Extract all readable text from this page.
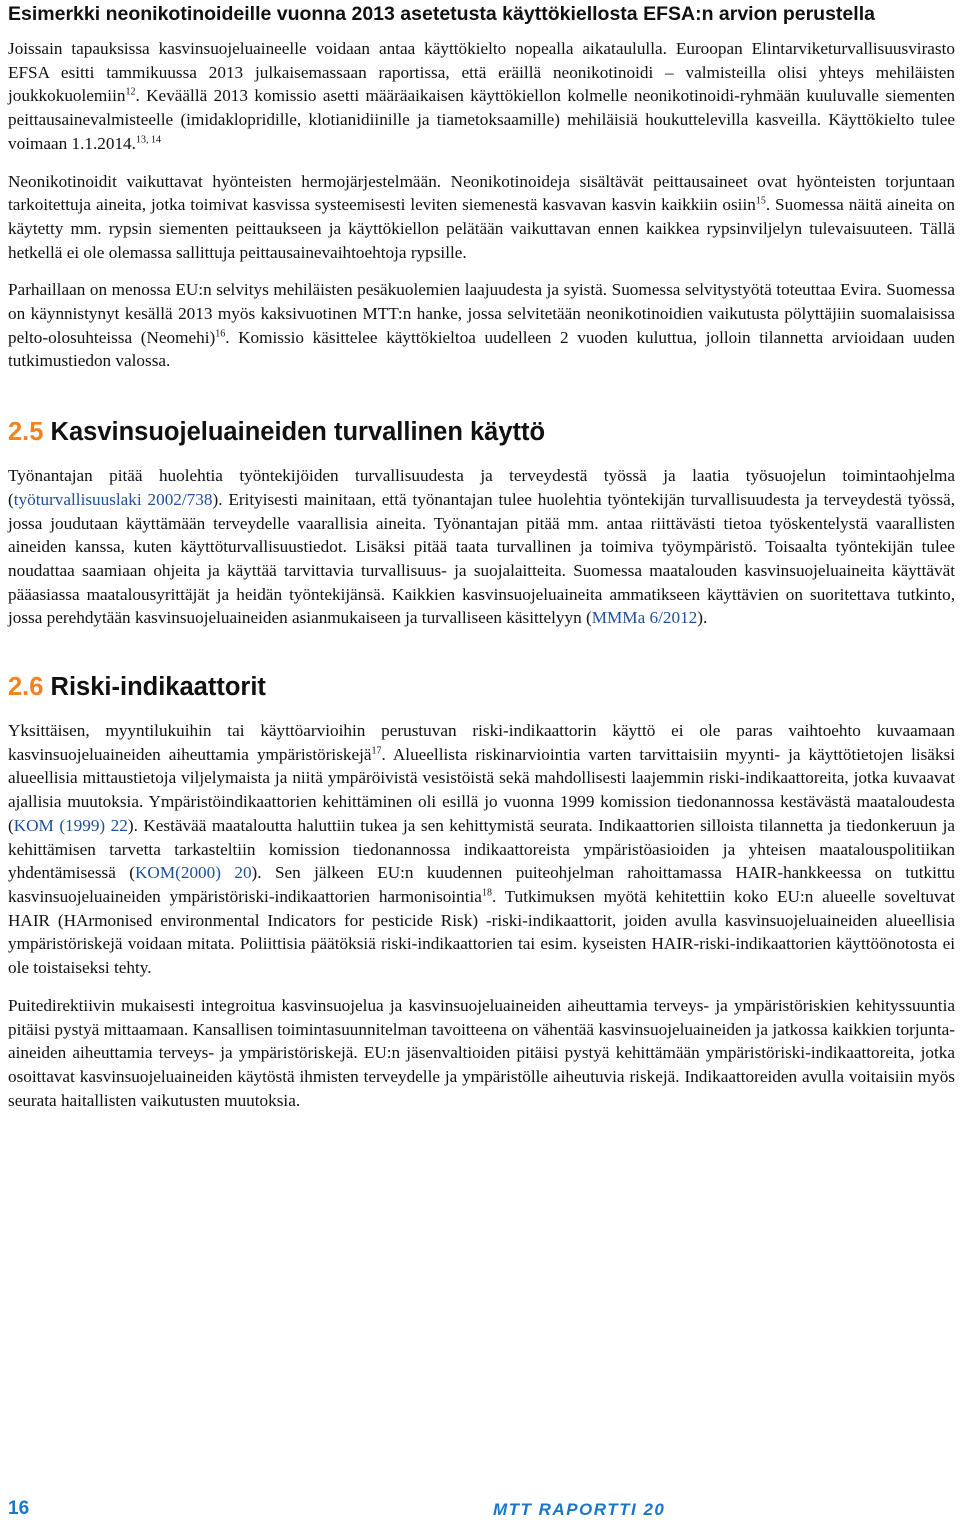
Esimerkki neonikotinoideille vuonna 2013 asetetusta käyttökiellosta EFSA:n arvion perustella

Joissain tapauksissa kasvinsuojeluaineelle voidaan antaa käyttökielto nopealla aikataululla. Euroopan Elintarviketurvallisuusvirasto EFSA esitti tammikuussa 2013 julkaisemassaan raportissa, että eräillä neonikotinoidi – valmisteilla olisi yhteys mehiläisten joukkokuolemiin$^{12}$. Keväällä 2013 komissio asetti määräaikaisen käyttökiellon kolmelle neonikotinoidi-ryhmään kuuluvalle siementen peittausainevalmisteelle (imidaklopridille, klotianidiinille ja tiametoksaamille) mehiläisiä houkuttelevilla kasveilla. Käyttökielto tulee voimaan 1.1.2014.$^{13, 14}$

Neonikotinoidit vaikuttavat hyönteisten hermojärjestelmään. Neonikotinoideja sisältävät peittausaineet ovat hyönteisten torjuntaan tarkoitettuja aineita, jotka toimivat kasvissa systeemisesti leviten siemenestä kasvavan kasvin kaikkiin osiin$^{15}$. Suomessa näitä aineita on käytetty mm. rypsin siementen peittaukseen ja käyttökiellon pelätään vaikuttavan ennen kaikkea rypsinviljelyn tulevaisuuteen. Tällä hetkellä ei ole olemassa sallittuja peittausainevaihtoehtoja rypsille.

Parhaillaan on menossa EU:n selvitys mehiläisten pesäkuolemien laajuudesta ja syistä. Suomessa selvitystyötä toteuttaa Evira. Suomessa on käynnistynyt kesällä 2013 myös kaksivuotinen MTT:n hanke, jossa selvitetään neonikotinoidien vaikutusta pölyttäjiin suomalaisissa pelto-olosuhteissa (Neomehi)$^{16}$. Komissio käsittelee käyttökieltoa uudelleen 2 vuoden kuluttua, jolloin tilannetta arvioidaan uuden tutkimustiedon valossa.

2.5 Kasvinsuojeluaineiden turvallinen käyttö

Työnantajan pitää huolehtia työntekijöiden turvallisuudesta ja terveydestä työssä ja laatia työsuojelun toimintaohjelma (työturvallisuuslaki 2002/738). Erityisesti mainitaan, että työnantajan tulee huolehtia työntekijän turvallisuudesta ja terveydestä työssä, jossa joudutaan käyttämään terveydelle vaarallisia aineita. Työnantajan pitää mm. antaa riittävästi tietoa työskentelystä vaarallisten aineiden kanssa, kuten käyttöturvallisuustiedot. Lisäksi pitää taata turvallinen ja toimiva työympäristö. Toisaalta työntekijän tulee noudattaa saamiaan ohjeita ja käyttää tarvittavia turvallisuus- ja suojalaitteita. Suomessa maatalouden kasvinsuojeluaineita käyttävät pääasiassa maatalousyrittäjät ja heidän työntekijänsä. Kaikkien kasvinsuojeluaineita ammatikseen käyttävien on suoritettava tutkinto, jossa perehdytään kasvinsuojeluaineiden asianmukaiseen ja turvalliseen käsittelyyn (MMMa 6/2012).

2.6 Riski-indikaattorit

Yksittäisen, myyntilukuihin tai käyttöarvioihin perustuvan riski-indikaattorin käyttö ei ole paras vaihtoehto kuvaamaan kasvinsuojeluaineiden aiheuttamia ympäristöriskejä$^{17}$. Alueellista riskinarviointia varten tarvittaisiin myynti- ja käyttötietojen lisäksi alueellisia mittaustietoja viljelymaista ja niitä ympäröivistä vesistöistä sekä mahdollisesti laajemmin riski-indikaattoreita, jotka kuvaavat ajallisia muutoksia. Ympäristöindikaattorien kehittäminen oli esillä jo vuonna 1999 komission tiedonannossa kestävästä maataloudesta (KOM (1999) 22). Kestävää maataloutta haluttiin tukea ja sen kehittymistä seurata. Indikaattorien silloista tilannetta ja tiedonkeruun ja kehittämisen tarvetta tarkasteltiin komission tiedonannossa indikaattoreista ympäristöasioiden ja yhteisen maatalouspolitiikan yhdentämisessä (KOM(2000) 20). Sen jälkeen EU:n kuudennen puiteohjelman rahoittamassa HAIR-hankkeessa on tutkittu kasvinsuojeluaineiden ympäristöriski-indikaattorien harmonisointia$^{18}$. Tutkimuksen myötä kehitettiin koko EU:n alueelle soveltuvat HAIR (HArmonised environmental Indicators for pesticide Risk) -riski-indikaattorit, joiden avulla kasvinsuojeluaineiden alueellisia ympäristöriskejä voidaan mitata. Poliittisia päätöksiä riski-indikaattorien tai esim. kyseisten HAIR-riski-indikaattorien käyttöönotosta ei ole toistaiseksi tehty.

Puitedirektiivin mukaisesti integroitua kasvinsuojelua ja kasvinsuojeluaineiden aiheuttamia terveys- ja ympäristöriskien kehityssuuntia pitäisi pystyä mittaamaan. Kansallisen toimintasuunnitelman tavoitteena on vähentää kasvinsuojeluaineiden ja jatkossa kaikkien torjunta-aineiden aiheuttamia terveys- ja ympäristöriskejä. EU:n jäsenvaltioiden pitäisi pystyä kehittämään ympäristöriski-indikaattoreita, jotka osoittavat kasvinsuojeluaineiden käytöstä ihmisten terveydelle ja ympäristölle aiheutuvia riskejä. Indikaattoreiden avulla voitaisiin myös seurata haitallisten vaikutusten muutoksia.

16	MTT RAPORTTI 20
